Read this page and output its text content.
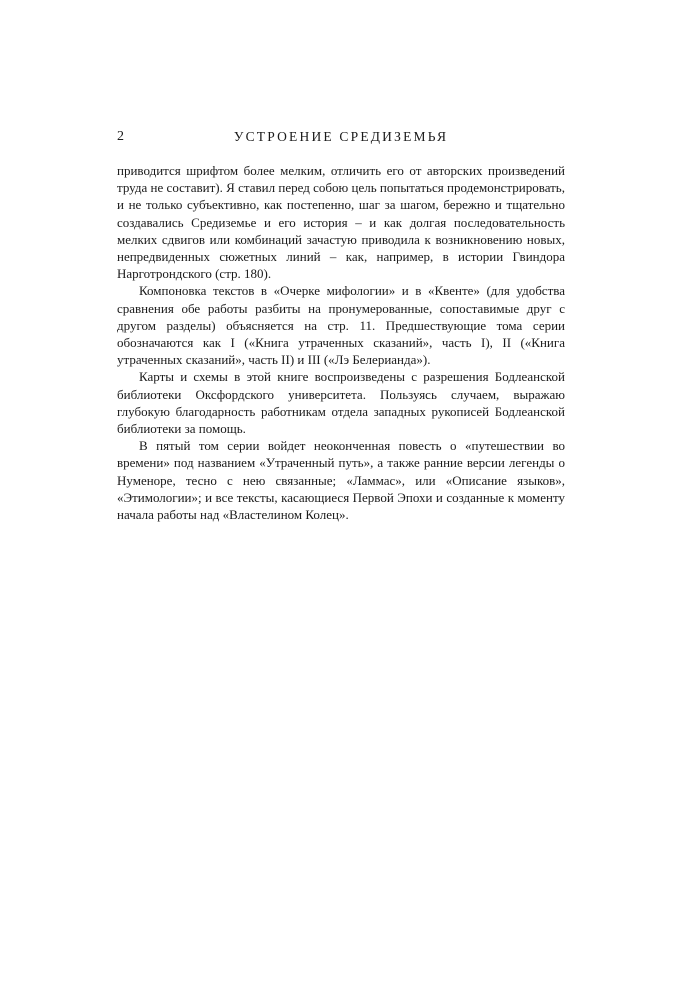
2	УСТРОЕНИЕ СРЕДИЗЕМЬЯ

приводится шрифтом более мелким, отличить его от авторских произведений труда не составит). Я ставил перед собою цель попытаться продемонстрировать, и не только субъективно, как постепенно, шаг за шагом, бережно и тщательно создавались Средиземье и его история – и как долгая последовательность мелких сдвигов или комбинаций зачастую приводила к возникновению новых, непредвиденных сюжетных линий – как, например, в истории Гвиндора Нарготрондского (стр. 180).

Компоновка текстов в «Очерке мифологии» и в «Квенте» (для удобства сравнения обе работы разбиты на пронумерованные, сопоставимые друг с другом разделы) объясняется на стр. 11. Предшествующие тома серии обозначаются как I («Книга утраченных сказаний», часть I), II («Книга утраченных сказаний», часть II) и III («Лэ Белерианда»).

Карты и схемы в этой книге воспроизведены с разрешения Бодлеанской библиотеки Оксфордского университета. Пользуясь случаем, выражаю глубокую благодарность работникам отдела западных рукописей Бодлеанской библиотеки за помощь.

В пятый том серии войдет неоконченная повесть о «путешествии во времени» под названием «Утраченный путь», а также ранние версии легенды о Нуменоре, тесно с нею связанные; «Ламмас», или «Описание языков», «Этимологии»; и все тексты, касающиеся Первой Эпохи и созданные к моменту начала работы над «Властелином Колец».
